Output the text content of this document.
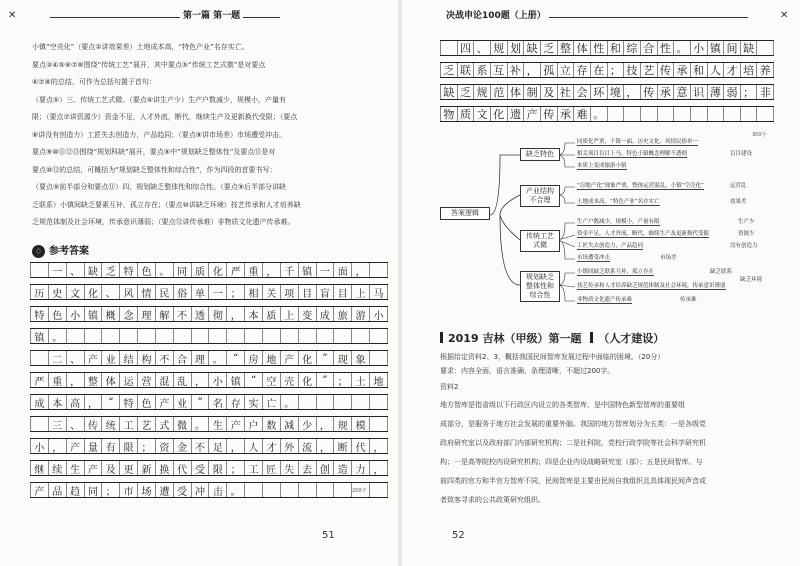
✕	第一篇 第一题	决战申论100题（上册）	✕
小镇“空壳化”（要点②讲效果差）土地成本高，“特色产业”名存实亡。
要点③④⑤⑥⑦⑧围绕“传统工艺”展开，其中要点⑤“传统工艺式微”是对要点
⑥⑦⑧的总结，可作为总括句置于首句：
（要点⑤）三、传统工艺式微。（要点⑥讲生产少）生产户数减少，规模小，产量有
限；（要点⑦讲资源少）资金不足，人才外流，断代，继续生产及更新换代受限；（要点
⑧讲没有创造力）工匠失去创造力，产品趋同；（要点⑧讲市场差）市场遭受冲击。
要点⑨⑩⑪⑫⑬围绕“规划科缺”展开，要点⑨中“规划缺乏整体性”及要点⑪是对
要点⑩⑫的总结，可概括为“规划缺乏整体性和综合性”，作为四段的首要书写：
（要点⑨前半部分和要点⑪）四、规划缺乏整体性和综合性。（要点⑨后半部分讲缺
乏联系）小镇间缺乏要素互补，孤立存在；（要点⑩讲缺乏环境）技艺传承和人才培养缺
乏规范体制及社会环境，传承意识薄弱；（要点⑫讲传承难）非物质文化遗产传承难。
♢ 参考答案

一 、 缺 乏 特 色 。 同 质 化 严 重 ， 千 镇 一 面 ，
历 史 文 化 、 风 情 民 俗 单 一 ； 相 关 项 目 盲 目 上 马
特 色 小 镇 概 念 理 解 不 透 彻 ， 本 质 上 变 成 旅 游 小
镇 。

二 、 产 业 结 构 不 合 理 。	“	房 地 产 化	”	现 象
严 重 ， 整 体 运 营 混 乱 ， 小 镇	“	空 壳 化	”	； 土 地
成 本 高 ，	“	特 色 产 业	”	名 存 实 亡 。

三 、 传 统 工 艺 式 微 。 生 产 户 数 减 少 ， 规 模
小 ， 产 量 有 限 ； 资 金 不 足 ， 人 才 外 流 ， 断 代 ，
继 续 生 产 及 更 新 换 代 受 限 ； 工 匠 失 去 创 造 力 ，
产 品 趋 同 ； 市 场 遭 受 冲 击 。	200字

四 、 规 划 缺 乏 整 体 性 和 综 合 性 。 小 镇 间 缺
乏 联 系 互 补 ， 孤 立 存 在 ； 技 艺 传 承 和 人 才 培 养
缺 乏 规 范 体 制 及 社 会 环 境 ， 传 承 意 识 薄 弱 ； 非
物 质 文 化 遗 产 传 承 难 。
300字
答案逻辑
缺乏特色
产业结构不合理
传统工艺式微
规划缺乏整体性和综合性
同质化严重，千镇一面，历史文化、风情民俗单一
相关项目盲目上马，特色小镇概念理解不透彻
本质上变成旅游小镇
盲目建设
“房地产化”现象严重，整体运营混乱，小镇“空壳化”
土地成本高，“特色产业”名存实亡
运营乱
效果差
生产户数减少，规模小，产量有限
资金不足，人才外流，断代，继续生产及更新换代受限
工匠失去创造力，产品趋同
市场遭受冲击
生产少
资源少
没有创造力
市场差
小镇间缺乏联系互补，孤立存在
技艺传承和人才培养缺乏规范体制及社会环境，传承意识薄弱
非物质文化遗产传承难
缺乏联系
缺乏环境
传承难
2019 吉林（甲级）第一题 （人才建设）
根据给定资料2、3，概括我国民间智库发展过程中面临的困境。（20分）
要求：内容全面，语言准确，条理清晰，不超过200字。
资料2
地方智库是指省级以下行政区内设立的各类智库，是中国特色新型智库的重要组
成部分，是服务于地方社会发展的重要外脑。我国的地方智库划分为五类：一是各级党
政府研究室以及政府部门内部研究机构；二是社科院、党校行政学院等社会科学研究机
构；一是高等院校内设研究机构；四是企业内设战略研究室（部）；五是民间智库。与
前四类的官方和半官方智库不同，民间智库是主要由民间自我组织且具体现民间声音或
者致客寻求的公共政策研究组织。
51	52
